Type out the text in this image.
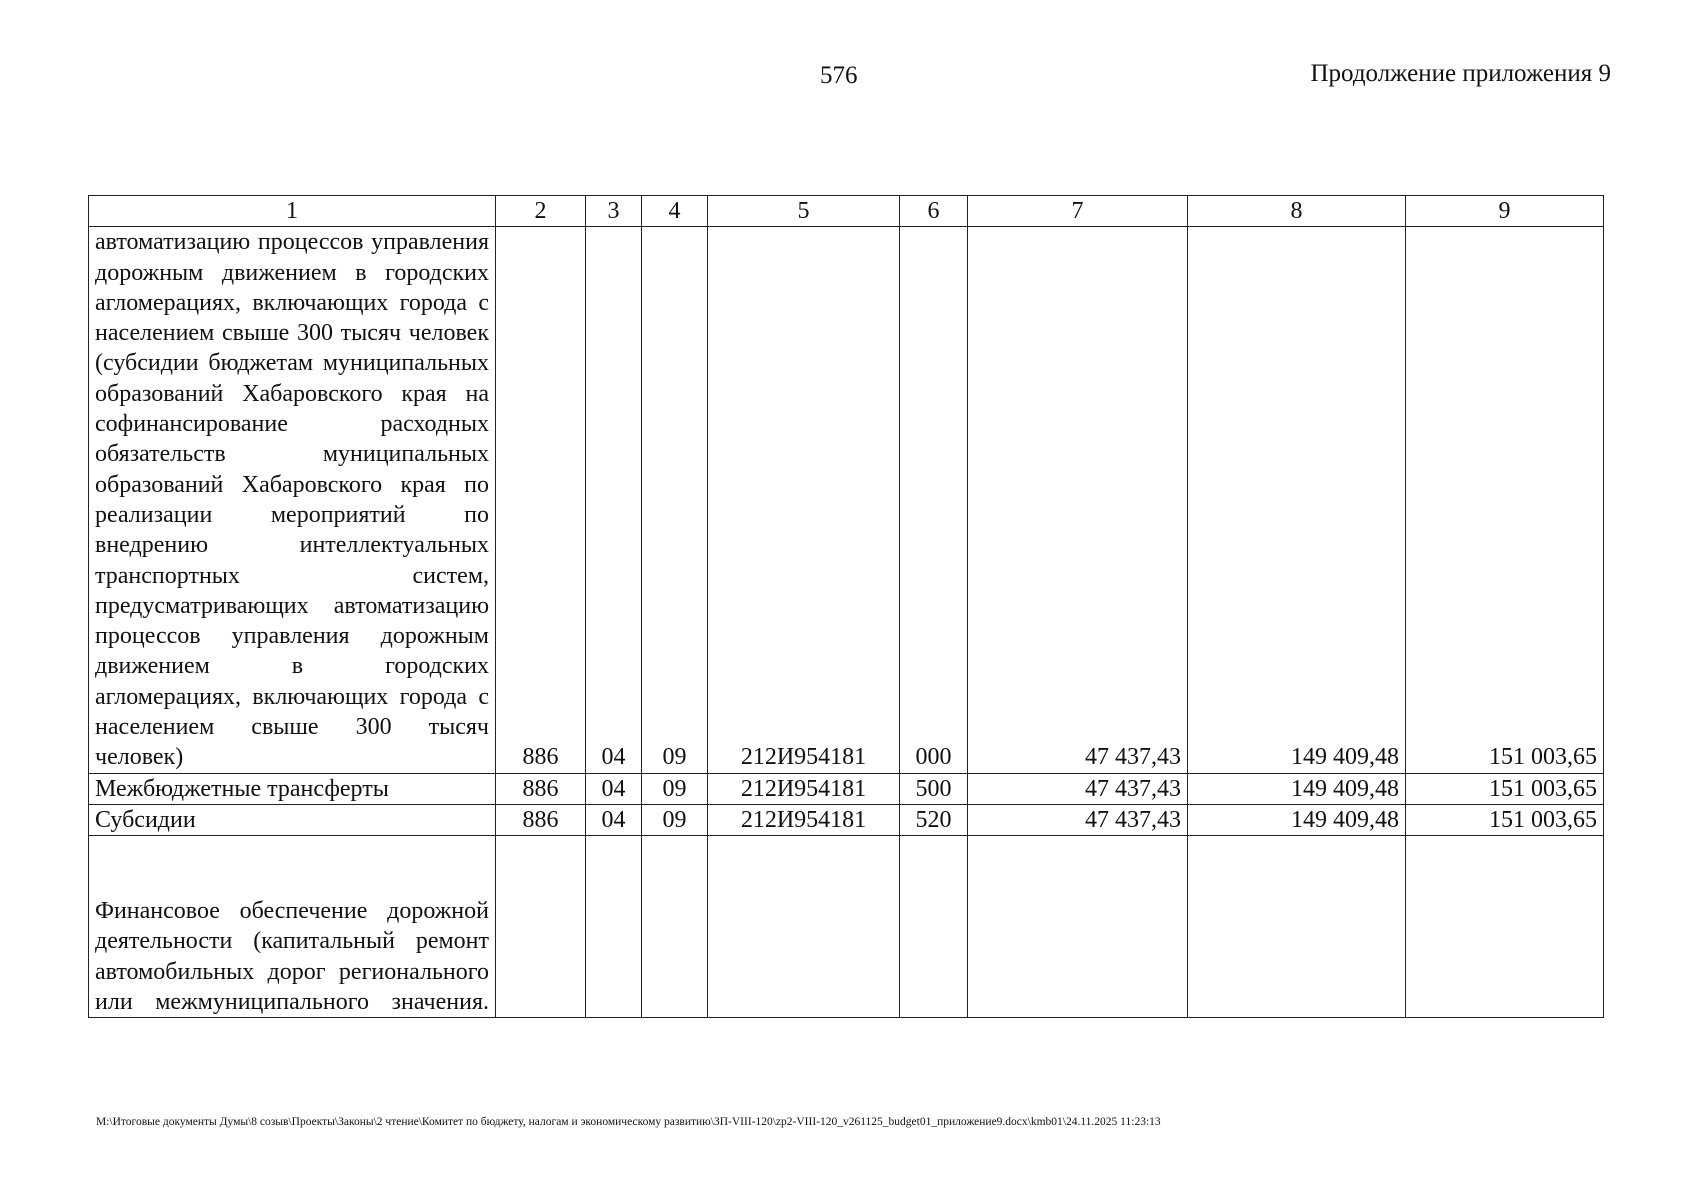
576	Продолжение приложения 9
1	2	3	4	5	6	7	8	9
автоматизацию процессов управления дорожным движением в городских агломерациях, включающих города с населением свыше 300 тысяч человек (субсидии бюджетам муниципальных образований Хабаровского края на софинансирование расходных обязательств муниципальных образований Хабаровского края по реализации мероприятий по внедрению интеллектуальных транспортных систем, предусматривающих автоматизацию процессов управления дорожным движением в городских агломерациях, включающих города с населением свыше 300 тысяч человек)	886	04	09	212И954181	000	47 437,43	149 409,48	151 003,65
Межбюджетные трансферты	886	04	09	212И954181	500	47 437,43	149 409,48	151 003,65
Субсидии	886	04	09	212И954181	520	47 437,43	149 409,48	151 003,65
Финансовое обеспечение дорожной деятельности (капитальный ремонт автомобильных дорог регионального или межмуниципального значения.								
M:\Итоговые документы Думы\8 созыв\Проекты\Законы\2 чтение\Комитет по бюджету, налогам и экономическому развитию\ЗП-VIII-120\zp2-VIII-120_v261125_budget01_приложение9.docx\kmb01\24.11.2025 11:23:13
